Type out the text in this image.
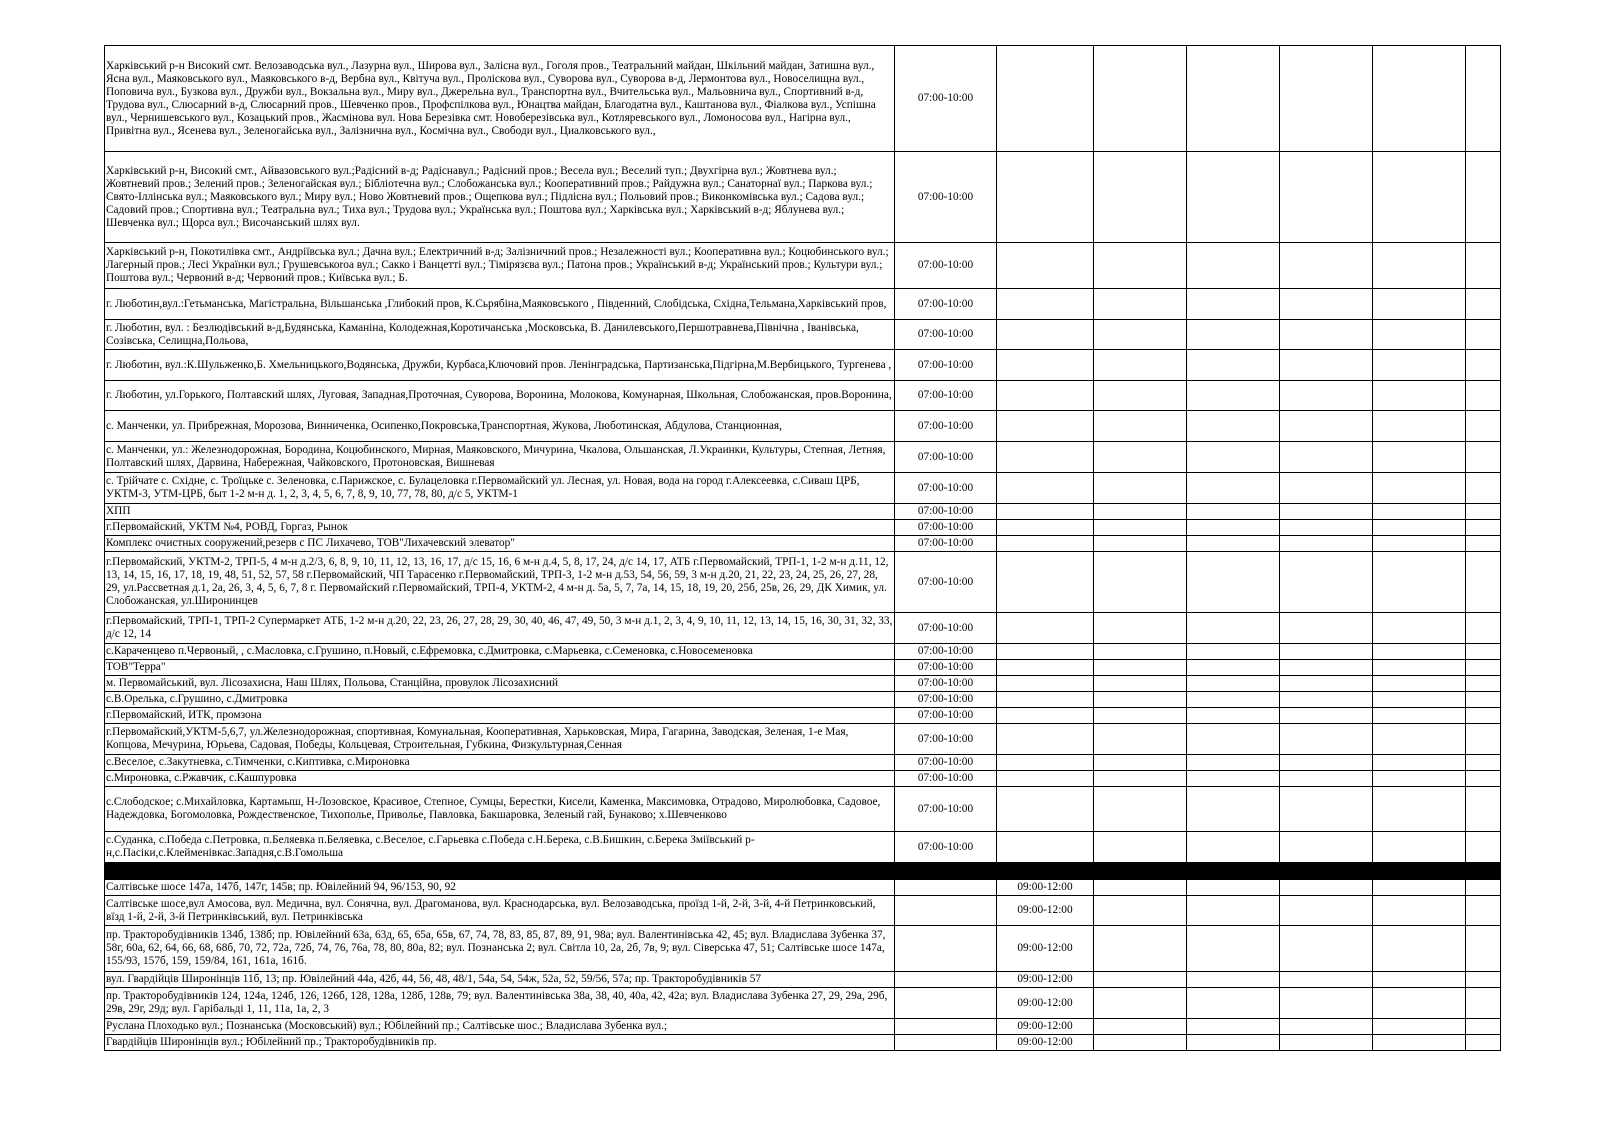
Харківський р-н Високий смт. Велозаводська вул., Лазурна вул., Широва вул., Залісна вул., Гоголя пров., Театральний майдан, Шкільний майдан, Затишна вул., Ясна вул., Маяковського вул., Маяковського в-д, Вербна вул., Квітуча вул., Пролісковa вул., Суворова вул., Суворова в-д, Лермонтова вул., Новоселищна вул., Поповича вул., Бузкова вул., Дружби вул., Вокзальна вул., Миру вул., Джерельна вул., Транспортна вул., Вчительська вул., Мальовнича вул., Спортивний в-д, Трудова вул., Слюсарний в-д, Слюсарний пров., Шевченко пров., Профспілкова вул., Юнацтва майдан, Благодатна вул., Каштанова вул., Фіалкова вул., Успішна вул., Чернишевського вул., Козацький пров., Жасмінова вул. Нова Березівка смт. Новоберезівська вул., Котляревського вул., Ломоносова вул., Нагірна вул., Привітна вул., Ясенева вул., Зеленогайська вул., Залізнична вул., Космічна вул., Свободи вул., Циалковського вул.,	07:00-10:00						
Харківський р-н, Високий смт., Айвазовського вул.;Радісний в-д; Радіснавул.; Радісний пров.; Весела вул.; Веселий туп.; Двухгірна вул.; Жовтнева вул.; Жовтневий пров.; Зелений пров.; Зеленогайская вул.; Бібліотечна вул.; Слобожанська вул.; Кооперативний пров.; Райдужна вул.; Санаторнаї вул.; Паркова вул.; Свято-Іллінська вул.; Маяковського вул.; Миру вул.; Ново Жовтневий пров.; Ощепкова вул.; Підлісна вул.; Польовий пров.; Виконкомівська вул.; Садова вул.; Садовий пров.; Спортивна вул.; Театральна вул.; Тиха вул.; Трудова вул.; Українська вул.; Поштова вул.; Харківська вул.; Харківський в-д; Яблунева вул.; Шевченка вул.; Щорса вул.; Височанський шлях вул.	07:00-10:00						
Харківський р-н, Покотилівка смт., Андріївська вул.; Дачна вул.; Електричний в-д; Залізничний пров.; Незалежності вул.; Кооперативна вул.; Коцюбинського вул.; Лагерный пров.; Лесі Українки вул.; Грушевськоroa вул.; Сакко і Ванцетті вул.; Тімірязєва вул.; Патона пров.; Український в-д; Український пров.; Культури вул.; Поштова вул.; Червоний в-д; Червоний пров.; Київська вул.; Б.	07:00-10:00						
г. Люботин,вул.:Гетьманська, Магістральна, Вільшанська ,Глибокий пров, К.Сьрябіна,Маяковського , Південний, Слобідська, Східна,Тельмана,Харківський пров,	07:00-10:00						
г. Люботин, вул. : Безлюдівський в-д,Будянська, Каманіна, Колодежная,Коротичанська ,Московська, В. Данилевського,Першотравнева,Північна , Іванівська, Созівська, Селищна,Польова,	07:00-10:00						
г. Люботин, вул.:К.Шульженко,Б. Хмельницького,Водянська, Дружби, Курбаса,Ключовий пров. Ленінградська, Партизанська,Підгірна,М.Вербицького, Тургенева ,	07:00-10:00						
г. Люботин, ул.Горького, Полтавский шлях, Луговая, Западная,Проточная, Суворова, Воронина, Молокова, Комунарная, Школьная, Слобожанская, пров.Воронина,	07:00-10:00						
с. Манченки, ул. Прибрежная, Морозова, Винниченка, Осипенко,Покровська,Транспортная, Жукова, Люботинская, Абдулова, Станционная,	07:00-10:00						
с. Манченки, ул.: Железнодорожная, Бородина, Коцюбинского, Мирная, Маяковского, Мичурина, Чкалова, Ольшанская, Л.Украинки, Культуры, Степная, Летняя, Полтавский шлях, Дарвина, Набережная, Чайковского, Протоновская, Вишневая	07:00-10:00						
с. Трійчате с. Східне, с. Троїцьке с. Зеленовка, с.Парижское, с. Булацеловка г.Первомайский ул. Лесная, ул. Новая, вода на город г.Алексеевка, с.Сиваш ЦРБ, УКТМ-3, УТМ-ЦРБ, быт 1-2 м-н д. 1, 2, 3, 4, 5, 6, 7, 8, 9, 10, 77, 78, 80, д/с 5, УКТМ-1	07:00-10:00						
ХПП	07:00-10:00						
г.Первомайский, УКТМ №4, РОВД, Горгаз, Рынок	07:00-10:00						
Комплекс очистных сооружений,резерв с ПС Лихачево, ТОВ"Лихачевский элеватор"	07:00-10:00						
г.Первомайский, УКТМ-2, ТРП-5, 4 м-н д.2/3, 6, 8, 9, 10, 11, 12, 13, 16, 17, д/с 15, 16, 6 м-н д.4, 5, 8, 17, 24, д/с 14, 17, АТБ г.Первомайский, ТРП-1, 1-2 м-н д.11, 12, 13, 14, 15, 16, 17, 18, 19, 48, 51, 52, 57, 58 г.Первомайский, ЧП Тарасенко г.Первомайский, ТРП-3, 1-2 м-н д.53, 54, 56, 59, 3 м-н д.20, 21, 22, 23, 24, 25, 26, 27, 28, 29, ул.Рассветная д.1, 2а, 26, 3, 4, 5, 6, 7, 8 г. Первомайский г.Первомайский, ТРП-4, УКТМ-2, 4 м-н д. 5а, 5, 7, 7а, 14, 15, 18, 19, 20, 25б, 25в, 26, 29, ДК Химик, ул. Слобожанская, ул.Широнинцев	07:00-10:00						
г.Первомайский, ТРП-1, ТРП-2 Супермаркет АТБ, 1-2 м-н д.20, 22, 23, 26, 27, 28, 29, 30, 40, 46, 47, 49, 50, 3 м-н д.1, 2, 3, 4, 9, 10, 11, 12, 13, 14, 15, 16, 30, 31, 32, 33, д/с 12, 14	07:00-10:00						
с.Караченцево п.Червоный, , с.Масловка, с.Грушино, п.Новый, с.Ефремовка, с.Дмитровка, с.Марьевка, с.Семеновка, с.Новосеменовка	07:00-10:00						
ТОВ"Терра"	07:00-10:00						
м. Первомайський, вул. Лісозахисна, Наш Шлях, Польова, Станційна, провулок Лісозахисний	07:00-10:00						
с.В.Орелька, с.Грушино, с.Дмитровка	07:00-10:00						
г.Первомайский, ИТК, промзона	07:00-10:00						
г.Первомайский,УКТМ-5,6,7, ул.Железнодорожная, спортивная, Комунальная, Кооперативная, Харьковская, Мира, Гагарина, Заводская, Зеленая, 1-е Мая, Копцова, Мечурина, Юрьева, Садовая, Победы, Кольцевая, Строительная, Губкина, Физкультурная,Сенная	07:00-10:00						
с.Веселое, с.Закутневка, с.Тимченки, с.Киптивка, с.Мироновка	07:00-10:00						
с.Мироновка, с.Ржавчик, с.Кашпуровка	07:00-10:00						
с.Слободское; с.Михайловка, Картамыш, Н-Лозовское, Красивое, Степное, Сумцы, Берестки, Кисели, Каменка, Максимовка, Отрадово, Миролюбовка, Садовое, Надеждовка, Богомоловка, Рождественское, Тихополье, Приволье, Павловка, Бакшаровка, Зеленый гай, Бунаково; х.Шевченково	07:00-10:00						
с.Суданка, с.Победа с.Петровка, п.Беляевка п.Беляевка, с.Веселое, с.Гарьевка с.Победа с.Н.Берека, с.В.Бишкин, с.Берека Зміївський р-н,с.Пасіки,с.Клейменівкас.Западня,с.В.Гомольша	07:00-10:00						

Салтівське шосе 147а, 147б, 147г, 145в; пр. Ювілейний 94, 96/153, 90, 92		09:00-12:00					
Салтівське шосе,вул Амосова, вул. Медична, вул. Сонячна, вул. Драгоманова, вул. Краснодарська, вул. Велозаводська, проїзд 1-й, 2-й, 3-й, 4-й Петринковський, вїзд 1-й, 2-й, 3-й Петринківський, вул. Петринківська		09:00-12:00					
пр. Тракторобудівників 134б, 138б; пр. Ювілейний 63а, 63д, 65, 65а, 65в, 67, 74, 78, 83, 85, 87, 89, 91, 98а; вул. Валентинівська 42, 45; вул. Владислава Зубенка 37, 58г, 60а, 62, 64, 66, 68, 68б, 70, 72, 72а, 72б, 74, 76, 76а, 78, 80, 80а, 82; вул. Познанська 2; вул. Світла 10, 2а, 2б, 7в, 9; вул. Сіверська 47, 51; Салтівське шосе 147а, 155/93, 157б, 159, 159/84, 161, 161а, 161б.		09:00-12:00					
вул. Гвардійців Широнінців 11б, 13; пр. Ювілейний 44а, 42б, 44, 56, 48, 48/1, 54а, 54, 54ж, 52а, 52, 59/56, 57а; пр. Тракторобудівників 57		09:00-12:00					
пр. Тракторобудівників 124, 124а, 124б, 126, 126б, 128, 128а, 128б, 128в, 79; вул. Валентинівська 38а, 38, 40, 40а, 42, 42а; вул. Владислава Зубенка 27, 29, 29а, 29б, 29в, 29г, 29д; вул. Гарібальді 1, 11, 11а, 1а, 2, 3		09:00-12:00					
Руслана Плоходько вул.; Познанська (Московський) вул.; Юбілейний пр.; Салтівське шос.; Владислава Зубенка вул.;		09:00-12:00					
Гвардійців Широнінців вул.; Юбілейний пр.; Тракторобудівників пр.		09:00-12:00					
